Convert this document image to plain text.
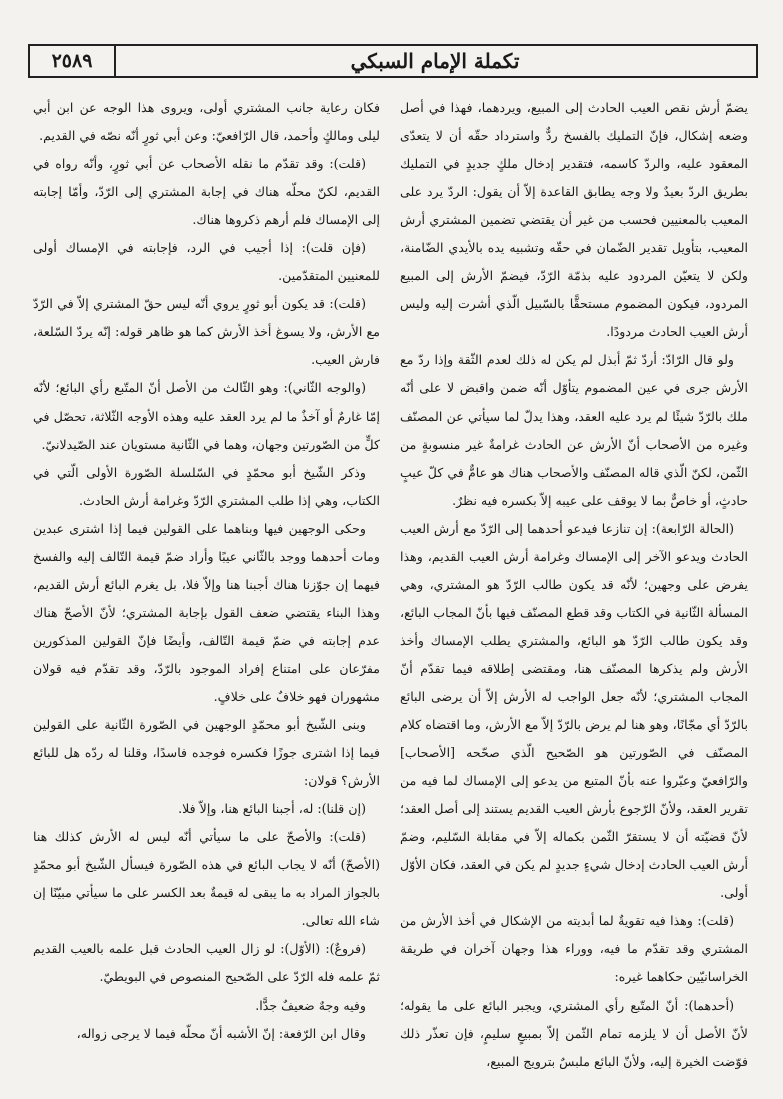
تكملة الإمام السبكي
٢٥٨٩

يضمّ أرش نقص العيب الحادث إلى المبيع، ويردهما، فهذا في أصل وضعه إشكال، فإنّ التمليك بالفسخ ردٌّ واسترداد حقّه أن لا يتعدّى المعقود عليه، والردّ كاسمه، فتقدير إدخال ملكٍ جديدٍ في التمليك بطريق الردّ بعيدٌ ولا وجه يطابق القاعدة إلاّ أن يقول: الردّ يرد على المعيب بالمعنيين فحسب من غير أن يقتضي تضمين المشتري أرش المعيب، بتأويل تقدير الضّمان في حقّه وتشبيه يده بالأيدي الضّامنة، ولكن لا يتعيّن المردود عليه بذمّة الرّدّ، فيضمّ الأرش إلى المبيع المردود، فيكون المضموم مستحقًّا بالسّبيل الّذي أشرت إليه وليس أرش العيب الحادث مردودًا.

ولو قال الرّادّ: أردّ ثمّ أبذل لم يكن له ذلك لعدم الثّقة وإذا ردّ مع الأرش جرى في عين المضموم يتأوّل أنّه ضمن واقبض لا على أنّه ملك بالرّدّ شيئًا لم يرد عليه العقد، وهذا يدلّ لما سيأتي عن المصنّف وغيره من الأصحاب أنّ الأرش عن الحادث غرامةٌ غير منسوبةٍ من الثّمن، لكنّ الّذي قاله المصنّف والأصحاب هناك هو عامٌّ في كلّ عيبٍ حادثٍ، أو خاصٌّ بما لا يوقف على عيبه إلاّ بكسره فيه نظرٌ.

(الحالة الرّابعة): إن تنازعا فيدعو أحدهما إلى الرّدّ مع أرش العيب الحادث ويدعو الآخر إلى الإمساك وغرامة أرش العيب القديم، وهذا يفرض على وجهين؛ لأنّه قد يكون طالب الرّدّ هو المشتري، وهي المسألة الثّانية في الكتاب وقد قطع المصنّف فيها بأنّ المجاب البائع، وقد يكون طالب الرّدّ هو البائع، والمشتري يطلب الإمساك وأخذ الأرش ولم يذكرها المصنّف هنا، ومقتضى إطلاقه فيما تقدّم أنّ المجاب المشتري؛ لأنّه جعل الواجب له الأرش إلاّ أن يرضى البائع بالرّدّ أي مجّانًا، وهو هنا لم يرض بالرّدّ إلاّ مع الأرش، وما اقتضاه كلام المصنّف في الصّورتين هو الصّحيح الّذي صحّحه [الأصحاب] والرّافعيّ وعبّروا عنه بأنّ المتبع من يدعو إلى الإمساك لما فيه من تقرير العقد، ولأنّ الرّجوع بأرش العيب القديم يستند إلى أصل العقد؛ لأنّ قضيّته أن لا يستقرّ الثّمن بكماله إلاّ في مقابلة السّليم، وضمّ أرش العيب الحادث إدخال شيءٍ جديدٍ لم يكن في العقد، فكان الأوّل أولى.

(قلت): وهذا فيه تقويةٌ لما أبديته من الإشكال في أخذ الأرش من المشتري وقد تقدّم ما فيه، ووراء هذا وجهان آخران في طريقة الخراسانيّين حكاهما غيره:

(أحدهما): أنّ المتّبع رأي المشتري، ويجبر البائع على ما يقوله؛ لأنّ الأصل أن لا يلزمه تمام الثّمن إلاّ بمبيعٍ سليمٍ، فإن تعذّر ذلك فوّضت الخيرة إليه، ولأنّ البائع ملبسٌ بترويج المبيع،

فكان رعاية جانب المشتري أولى، ويروى هذا الوجه عن ابن أبي ليلى ومالكٍ وأحمد، قال الرّافعيّ: وعن أبي ثورٍ أنّه نصّه في القديم.

(قلت): وقد تقدّم ما نقله الأصحاب عن أبي ثورٍ، وأنّه رواه في القديم، لكنّ محلّه هناك في إجابة المشتري إلى الرّدّ، وأمّا إجابته إلى الإمساك فلم أرهم ذكروها هناك.

(فإن قلت): إذا أجيب في الرد، فإجابته في الإمساك أولى للمعنيين المتقدّمين.

(قلت): قد يكون أبو ثورٍ يروي أنّه ليس حقّ المشتري إلاّ في الرّدّ مع الأرش، ولا يسوغ أخذ الأرش كما هو ظاهر قوله: إنّه يردّ السّلعة، فارش العيب.

(والوجه الثّاني): وهو الثّالث من الأصل أنّ المتّبع رأي البائع؛ لأنّه إمّا غارمٌ أو آخذٌ ما لم يرد العقد عليه وهذه الأوجه الثّلاثة، تحصّل في كلٍّ من الصّورتين وجهان، وهما في الثّانية مستويان عند الصّيدلانيّ.

وذكر الشّيخ أبو محمّدٍ في السّلسلة الصّورة الأولى الّتي في الكتاب، وهي إذا طلب المشتري الرّدّ وغرامة أرش الحادث.

وحكى الوجهين فيها وبناهما على القولين فيما إذا اشترى عبدين ومات أحدهما ووجد بالثّاني عيبًا وأراد ضمّ قيمة التّالف إليه والفسخ فيهما إن جوّزنا هناك أجبنا هنا وإلاّ فلا، بل يغرم البائع أرش القديم، وهذا البناء يقتضي ضعف القول بإجابة المشتري؛ لأنّ الأصحّ هناك عدم إجابته في ضمّ قيمة التّالف، وأيضًا فإنّ القولين المذكورين مفرّعان على امتناع إفراد الموجود بالرّدّ، وقد تقدّم فيه قولان مشهوران فهو خلافٌ على خلافٍ.

وبنى الشّيخ أبو محمّدٍ الوجهين في الصّورة الثّانية على القولين فيما إذا اشترى جوزًا فكسره فوجده فاسدًا، وقلنا له ردّه هل للبائع الأرش؟ قولان:

(إن قلنا): له، أجبنا البائع هنا، وإلاّ فلا.

(قلت): والأصحّ على ما سيأتي أنّه ليس له الأرش كذلك هنا (الأصحّ) أنّه لا يجاب البائع في هذه الصّورة فيسأل الشّيخ أبو محمّدٍ بالجواز المراد به ما يبقى له قيمةٌ بعد الكسر على ما سيأتي مبيّنًا إن شاء الله تعالى.

(فروعٌ): (الأوّل): لو زال العيب الحادث قبل علمه بالعيب القديم ثمّ علمه فله الرّدّ على الصّحيح المنصوص في البويطيّ.

وفيه وجهٌ ضعيفٌ جدًّا.

وقال ابن الرّفعة: إنّ الأشبه أنّ محلّه فيما لا يرجى زواله،
